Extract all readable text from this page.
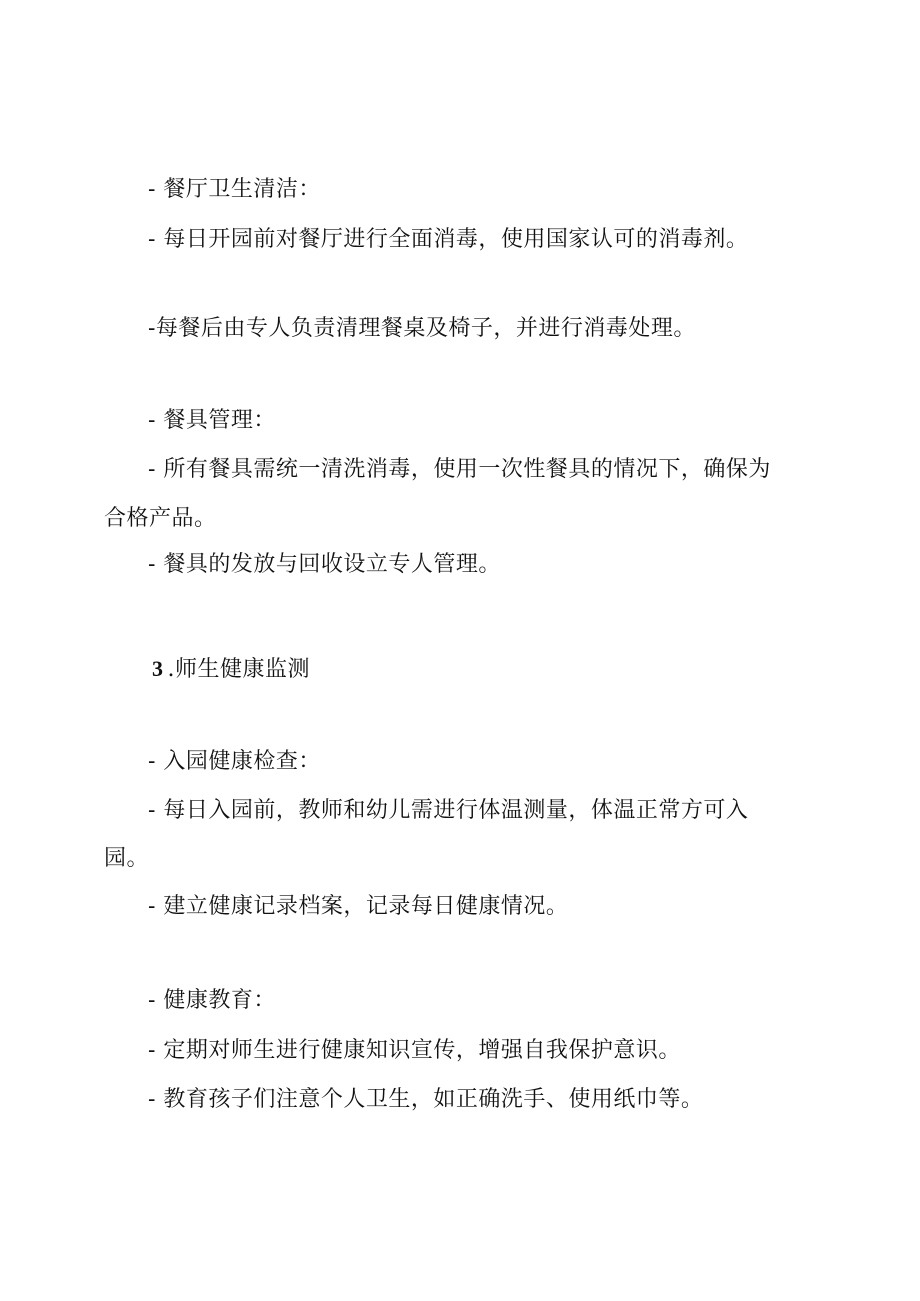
- 餐厅卫生清洁：
- 每日开园前对餐厅进行全面消毒，使用国家认可的消毒剂。
-每餐后由专人负责清理餐桌及椅子，并进行消毒处理。
- 餐具管理：
- 所有餐具需统一清洗消毒，使用一次性餐具的情况下，确保为
合格产品。
- 餐具的发放与回收设立专人管理。
3 .师生健康监测
- 入园健康检查：
- 每日入园前，教师和幼儿需进行体温测量，体温正常方可入
园。
- 建立健康记录档案，记录每日健康情况。
- 健康教育：
- 定期对师生进行健康知识宣传，增强自我保护意识。
- 教育孩子们注意个人卫生，如正确洗手、使用纸巾等。
